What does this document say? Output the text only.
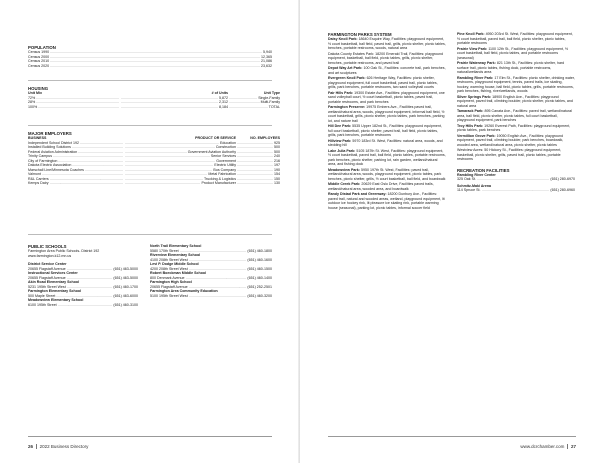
POPULATION
Census 1990 .....	5,940
Census 2000 .....	12,365
Census 2010 .....	21,086
Census 2020 .....	23,632
HOUSING
Unit Mix	# of Units	Unit Type
72% ..... .....	5,872 .....	Single-Family
28% ..... .....	2,312 .....	Multi-Family
100% ..... .....	8,184 .....	TOTAL
MAJOR EMPLOYERS
BUSINESS	PRODUCT OR SERVICE	NO. EMPLOYEES
Independent School District 192 ..... .....	Education .....	925
Installed Building Solutions ..... .....	Construction .....	500
Federal Aviation Administration ..... .....	Government Aviation Authority .....	500
Trinity Campus ..... .....	Senior Services .....	240
City of Farmington ..... .....	Government .....	216
Dakota Electric Association ..... .....	Electric Utility .....	197
Marschall Line/Minnesota Coaches ..... .....	Bus Company .....	190
Valmont ..... .....	Metal Fabrication .....	154
R&L Carriers ..... .....	Trucking & Logistics .....	150
Kemps Dairy ..... .....	Product Manufacturer .....	130
PUBLIC SCHOOLS
Farmington Area Public Schools- District 192
www.farmington.k12.mn.us
District Service Center
20655 Flagstaff Avenue .....	(651) 463-5000
Instructional Services Center
20655 Flagstaff Avenue .....	(651) 463-5000
Akin Road Elementary School
5231 195th Street West .....	(651) 460-1700
Farmington Elementary School
500 Maple Street .....	(651) 463-6000
Meadowview Elementary School
6100 195th Street .....	(651) 460-3100
North Trail Elementary School
5580 170th Street .....	(651) 460-1800
Riverview Elementary School
4100 208th Street West .....	(651) 460-1600
Levi P. Dodge Middle School
4200 208th Street West .....	(651) 460-1500
Robert Boeckman Middle School
800 Denmark Avenue .....	(651) 460-1400
Farmington High School
20655 Flagstaff Avenue .....	(651) 252-2501
Farmington Area Community Education
5100 195th Street West .....	(651) 460-3200
26 2022 Business Directory
FARMINGTON PARKS SYSTEM
Daisy Knoll Park: 18640 Esquire Way, Facilities: playground equipment, ½ court basketball, ball field, paved trail, grills, picnic shelter, picnic tables, benches, portable restrooms, woods, natural area
Dakota County Estates Park: 18200 Emerald Trail, Facilities: playground equipment, basketball, ball field, picnic tables, grills, picnic shelter, benches, portable restrooms, and paved trail
Depot Way Art Park: 100 Oak St., Facilities: concrete trail, park benches, and art sculptures
Evergreen Knoll Park: 626 Heritage Way, Facilities: picnic shelter, playground equipment, full court basketball, paved trail, picnic tables, grills, park benches, portable restrooms, two sand volleyball courts
Fair Hills Park: 19300 Estate Ave., Facilities: playground equipment, one sand volleyball court, ½ court basketball, picnic tables, paved trail, portable restrooms, and park benches
Farmington Preserve: 19975 Embers Ave., Facilities paved trail, wetland/natural area, woods, playground equipment, informal ball field, ½ court basketball, grills, picnic shelter, picnic tables, park benches, parking lot, and nature trail
Hill Dee Park: 5535 Upper 182nd St., Facilities: playground equipment, full court basketball, picnic shelter, paved trail, ball field, picnic tables, grills, park benches, portable restrooms
Hillview Park: 5970 183rd St. West, Facilities: natural area, woods, and sledding hill
Lake Julia Park: 5105 187th St. West, Facilities: playground equipment, ½ court basketball, paved trail, ball field, picnic tables, portable restrooms, park benches, picnic shelter, parking lot, rain garden, wetland/natural area, and fishing dock
Meadowview Park: 5950 197th St. West, Facilities: paved trail, wetland/natural area, woods, playground equipment, picnic tables, park benches, picnic shelter, grills, ½ court basketball, ball field, and boardwalk
Middle Creek Park: 20629 East Oslo Drive, Facilities paved trails, wetland/natural area, wooded area, and boardwalk
Randy Distad Park and Greenway: 18200 Dunbury Ave., Facilities: paved trail, natural and wooded areas, wetland, playground equipment, lit outdoor ice hockey rink, lit pleasure ice skating rink, portable warming house (seasonal), parking lot, picnic tables, informal soccer field
Pine Knoll Park: 4950 203rd St. West, Facilities: playground equipment, ½ court basketball, paved trail, ball field, picnic shelter, picnic tables, portable restrooms
Prairie View Park: 1100 12th St., Facilities: playground equipment, ½ court basketball, ball field, picnic tables, and portable restrooms (seasonal)
Prairie Waterway Park: 821 13th St., Facilities: picnic shelter, hard surface trail, picnic tables, fishing dock, portable restrooms, natural/wetlands area
Rambling River Park: 17 Elm St., Facilities: picnic shelter, drinking water, restrooms, playground equipment, tennis, paved trails, ice skating, hockey, warming house, ball field, picnic tables, grills, portable restrooms, park benches, fishing, river/wetlands, woods
Silver Springs Park: 18900 English Ave., Facilities: playground equipment, paved trail, climbing boulder, picnic shelter, picnic tables, and natural area
Tamarack Park: 895 Canata Ave., Facilities: paved trail, wetland/natural area, ball field, picnic shelter, picnic tables, full court basketball, playground equipment, park benches
Troy Hills Park: 19260 Everest Path, Facilities: playground equipment, picnic tables, park benches
Vermillion Grove Park: 19050 English Ave., Facilities: playground equipment, paved trail, climbing boulder, park benches, boardwalk, wooded area, wetland/natural area, picnic shelter, picnic tables
Westview Acres: 50 Hickory St., Facilities: playground equipment, basketball, picnic shelter, grills, paved trail, picnic tables, portable restrooms
RECREATION FACILITIES
Rambling River Center
325 Oak St. .....	(651) 280-6970
Schmitz-Maki Arena
114 Spruce St. .....	(651) 280-6960
www.dcrchamber.com 27
